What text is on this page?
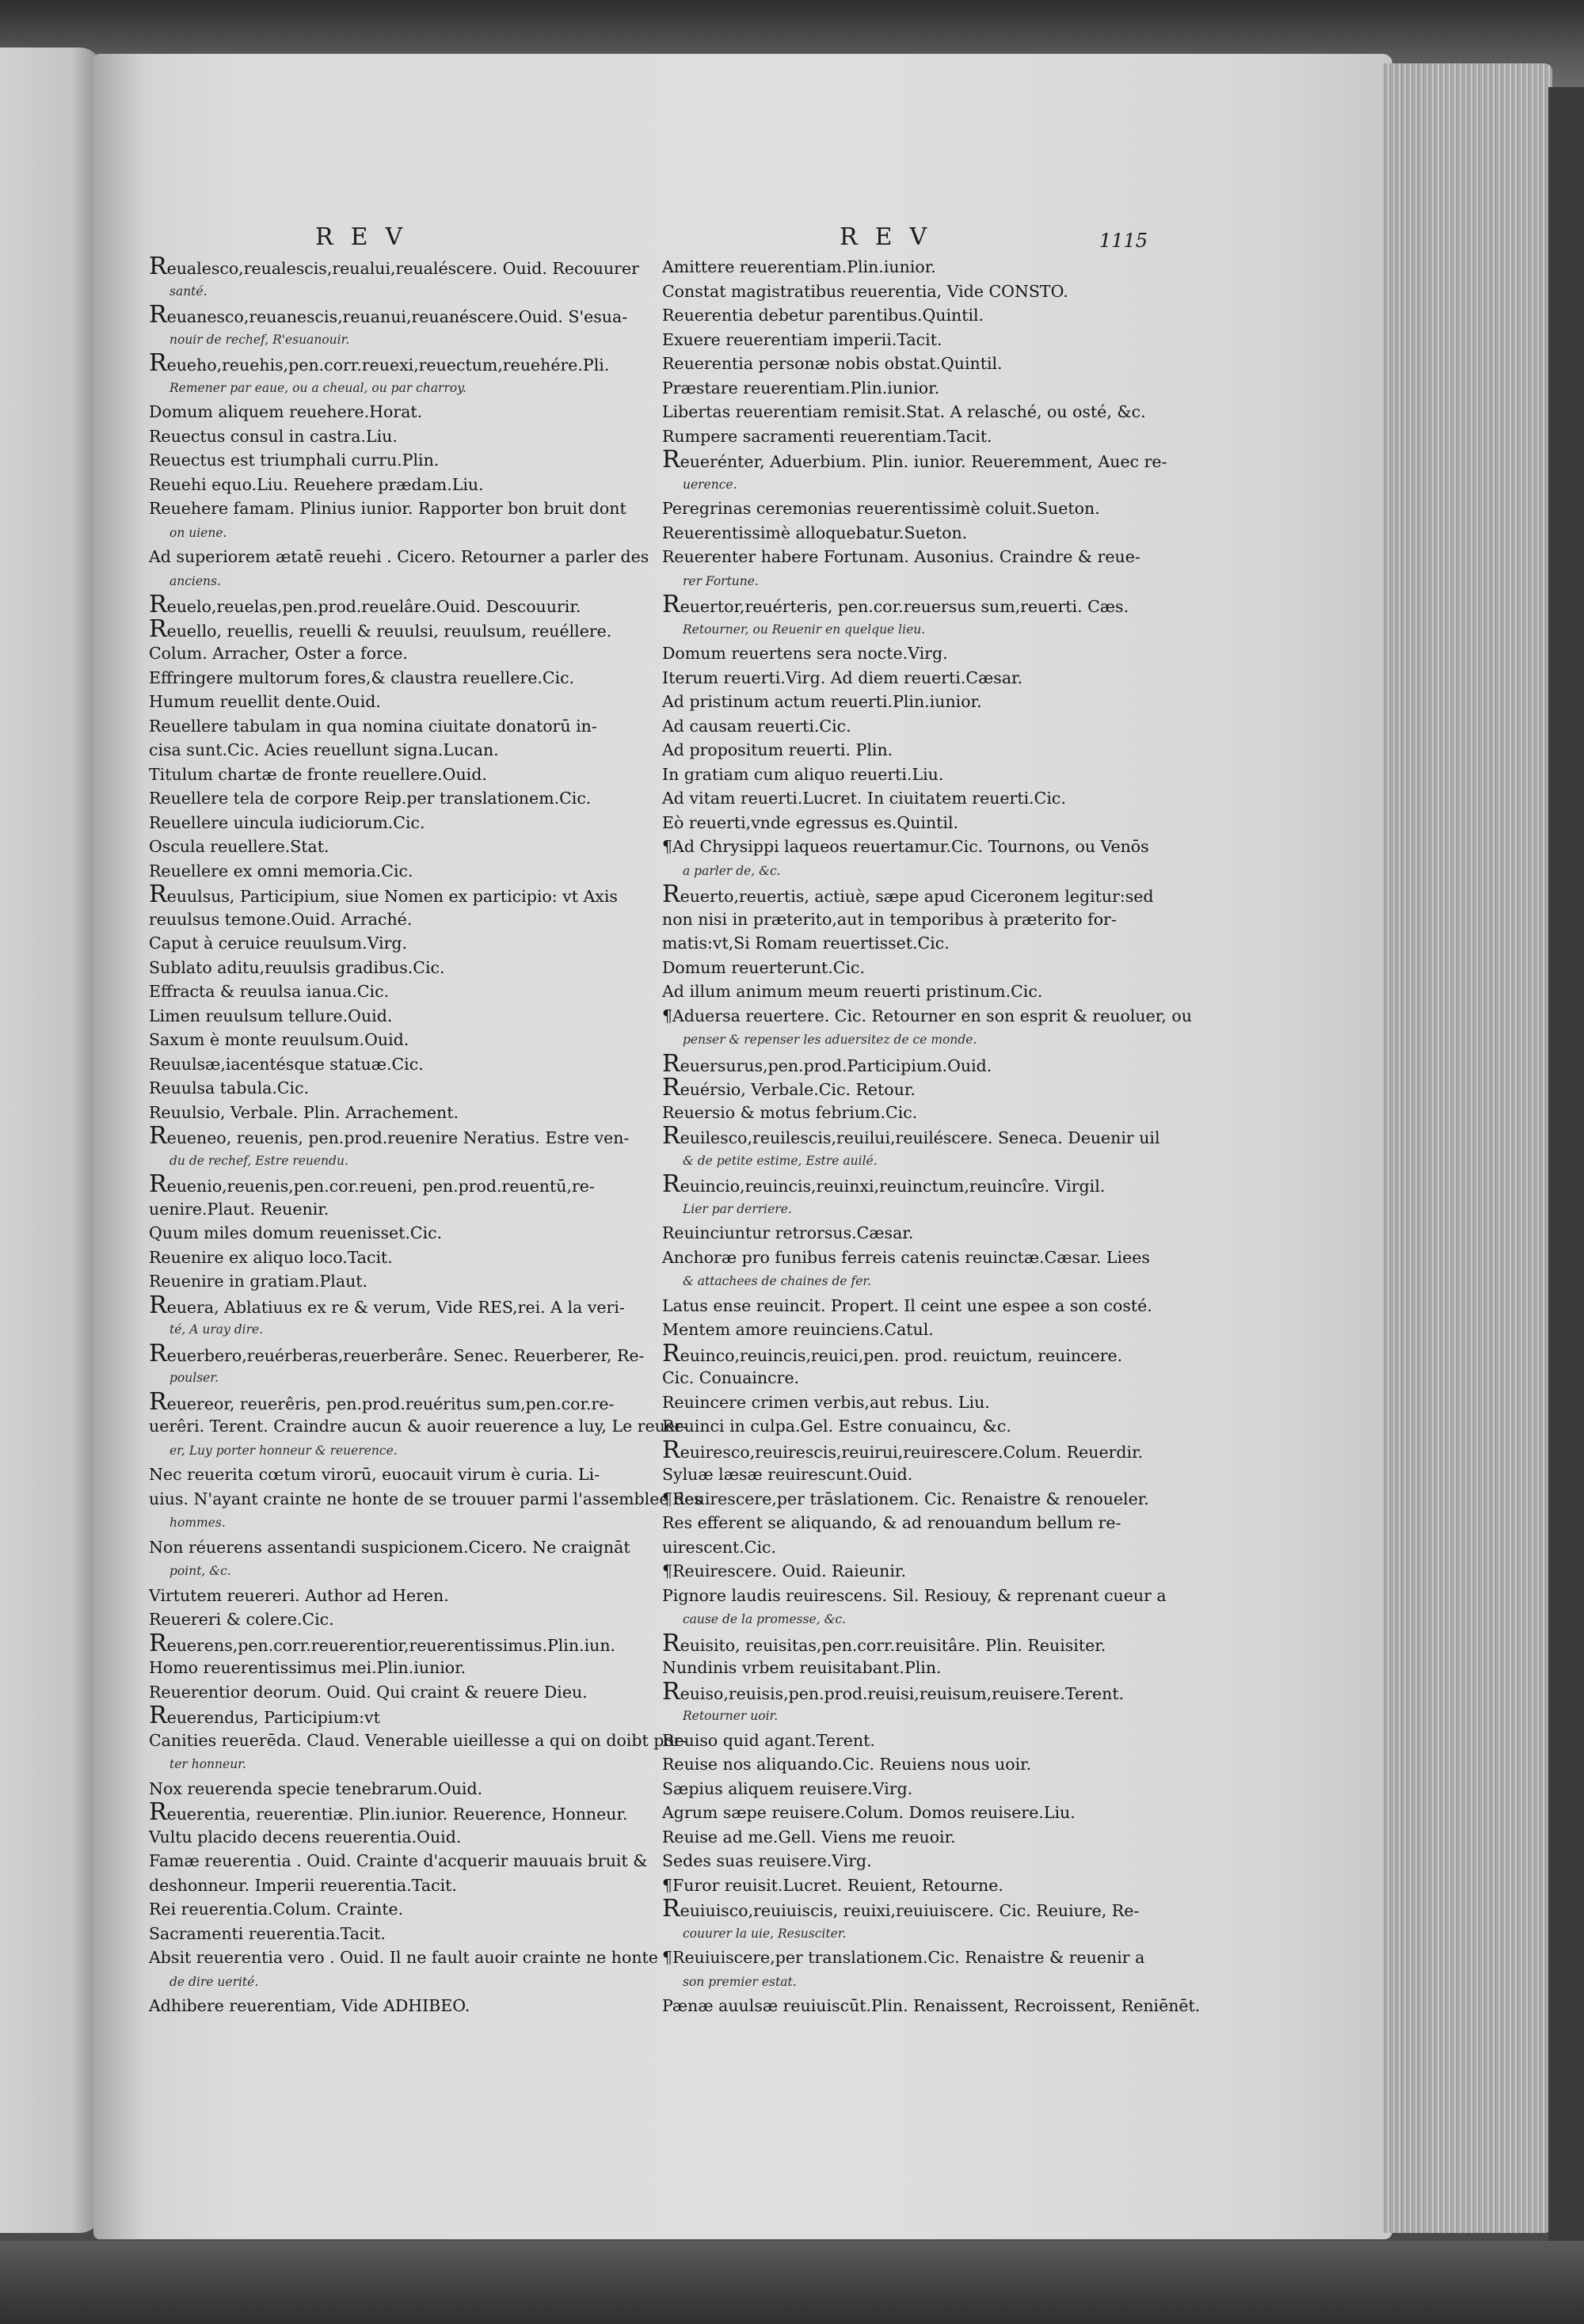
REV	REV	1115
Reualesco,reualescis,reualui,reualéscere. Ouid. Recouurer
santé.
Reuanesco,reuanescis,reuanui,reuanéscere.Ouid. S'esua-
nouir de rechef, R'esuanouir.
Reueho,reuehis,pen.corr.reuexi,reuectum,reuehére.Pli.
Remener par eaue, ou a cheual, ou par charroy.
Domum aliquem reuehere.Horat.
Reuectus consul in castra.Liu.
Reuectus est triumphali curru.Plin.
Reuehi equo.Liu. Reuehere prædam.Liu.
Reuehere famam. Plinius iunior. Rapporter bon bruit dont
on uiene.
Ad superiorem ætatē reuehi . Cicero. Retourner a parler des
anciens.
Reuelo,reuelas,pen.prod.reuelâre.Ouid. Descouurir.
Reuello, reuellis, reuelli & reuulsi, reuulsum, reuéllere.
Colum. Arracher, Oster a force.
Effringere multorum fores,& claustra reuellere.Cic.
Humum reuellit dente.Ouid.
Reuellere tabulam in qua nomina ciuitate donatorū in-
cisa sunt.Cic. Acies reuellunt signa.Lucan.
Titulum chartæ de fronte reuellere.Ouid.
Reuellere tela de corpore Reip.per translationem.Cic.
Reuellere uincula iudiciorum.Cic.
Oscula reuellere.Stat.
Reuellere ex omni memoria.Cic.
Reuulsus, Participium, siue Nomen ex participio: vt Axis
reuulsus temone.Ouid. Arraché.
Caput à ceruice reuulsum.Virg.
Sublato aditu,reuulsis gradibus.Cic.
Effracta & reuulsa ianua.Cic.
Limen reuulsum tellure.Ouid.
Saxum è monte reuulsum.Ouid.
Reuulsæ,iacentésque statuæ.Cic.
Reuulsa tabula.Cic.
Reuulsio, Verbale. Plin. Arrachement.
Reueneo, reuenis, pen.prod.reuenire Neratius. Estre ven-
du de rechef, Estre reuendu.
Reuenio,reuenis,pen.cor.reueni, pen.prod.reuentū,re-
uenire.Plaut. Reuenir.
Quum miles domum reuenisset.Cic.
Reuenire ex aliquo loco.Tacit.
Reuenire in gratiam.Plaut.
Reuera, Ablatiuus ex re & verum, Vide RES,rei. A la veri-
té, A uray dire.
Reuerbero,reuérberas,reuerberâre. Senec. Reuerberer, Re-
poulser.
Reuereor, reuerêris, pen.prod.reuéritus sum,pen.cor.re-
uerêri. Terent. Craindre aucun & auoir reuerence a luy, Le reuer-
er, Luy porter honneur & reuerence.
Nec reuerita cœtum virorū, euocauit virum è curia. Li-
uius. N'ayant crainte ne honte de se trouuer parmi l'assemblee des
hommes.
Non réuerens assentandi suspicionem.Cicero. Ne craignāt
point, &c.
Virtutem reuereri. Author ad Heren.
Reuereri & colere.Cic.
Reuerens,pen.corr.reuerentior,reuerentissimus.Plin.iun.
Homo reuerentissimus mei.Plin.iunior.
Reuerentior deorum. Ouid. Qui craint & reuere Dieu.
Reuerendus, Participium:vt
Canities reuerēda. Claud. Venerable uieillesse a qui on doibt por-
ter honneur.
Nox reuerenda specie tenebrarum.Ouid.
Reuerentia, reuerentiæ. Plin.iunior. Reuerence, Honneur.
Vultu placido decens reuerentia.Ouid.
Famæ reuerentia . Ouid. Crainte d'acquerir mauuais bruit &
deshonneur. Imperii reuerentia.Tacit.
Rei reuerentia.Colum. Crainte.
Sacramenti reuerentia.Tacit.
Absit reuerentia vero . Ouid. Il ne fault auoir crainte ne honte
de dire uerité.
Adhibere reuerentiam, Vide ADHIBEO.
Amittere reuerentiam.Plin.iunior.
Constat magistratibus reuerentia, Vide CONSTO.
Reuerentia debetur parentibus.Quintil.
Exuere reuerentiam imperii.Tacit.
Reuerentia personæ nobis obstat.Quintil.
Præstare reuerentiam.Plin.iunior.
Libertas reuerentiam remisit.Stat. A relasché, ou osté, &c.
Rumpere sacramenti reuerentiam.Tacit.
Reuerénter, Aduerbium. Plin. iunior. Reueremment, Auec re-
uerence.
Peregrinas ceremonias reuerentissimè coluit.Sueton.
Reuerentissimè alloquebatur.Sueton.
Reuerenter habere Fortunam. Ausonius. Craindre & reue-
rer Fortune.
Reuertor,reuérteris, pen.cor.reuersus sum,reuerti. Cæs.
Retourner, ou Reuenir en quelque lieu.
Domum reuertens sera nocte.Virg.
Iterum reuerti.Virg. Ad diem reuerti.Cæsar.
Ad pristinum actum reuerti.Plin.iunior.
Ad causam reuerti.Cic.
Ad propositum reuerti. Plin.
In gratiam cum aliquo reuerti.Liu.
Ad vitam reuerti.Lucret. In ciuitatem reuerti.Cic.
Eò reuerti,vnde egressus es.Quintil.
¶Ad Chrysippi laqueos reuertamur.Cic. Tournons, ou Venōs
a parler de, &c.
Reuerto,reuertis, actiuè, sæpe apud Ciceronem legitur:sed
non nisi in præterito,aut in temporibus à præterito for-
matis:vt,Si Romam reuertisset.Cic.
Domum reuerterunt.Cic.
Ad illum animum meum reuerti pristinum.Cic.
¶Aduersa reuertere. Cic. Retourner en son esprit & reuoluer, ou
penser & repenser les aduersitez de ce monde.
Reuersurus,pen.prod.Participium.Ouid.
Reuérsio, Verbale.Cic. Retour.
Reuersio & motus febrium.Cic.
Reuilesco,reuilescis,reuilui,reuiléscere. Seneca. Deuenir uil
& de petite estime, Estre auilé.
Reuincio,reuincis,reuinxi,reuinctum,reuincîre. Virgil.
Lier par derriere.
Reuinciuntur retrorsus.Cæsar.
Anchoræ pro funibus ferreis catenis reuinctæ.Cæsar. Liees
& attachees de chaines de fer.
Latus ense reuincit. Propert. Il ceint une espee a son costé.
Mentem amore reuinciens.Catul.
Reuinco,reuincis,reuici,pen. prod. reuictum, reuincere.
Cic. Conuaincre.
Reuincere crimen verbis,aut rebus. Liu.
Reuinci in culpa.Gel. Estre conuaincu, &c.
Reuiresco,reuirescis,reuirui,reuirescere.Colum. Reuerdir.
Syluæ læsæ reuirescunt.Ouid.
¶Reuirescere,per trāslationem. Cic. Renaistre & renoueler.
Res efferent se aliquando, & ad renouandum bellum re-
uirescent.Cic.
¶Reuirescere. Ouid. Raieunir.
Pignore laudis reuirescens. Sil. Resiouy, & reprenant cueur a
cause de la promesse, &c.
Reuisito, reuisitas,pen.corr.reuisitâre. Plin. Reuisiter.
Nundinis vrbem reuisitabant.Plin.
Reuiso,reuisis,pen.prod.reuisi,reuisum,reuisere.Terent.
Retourner uoir.
Reuiso quid agant.Terent.
Reuise nos aliquando.Cic. Reuiens nous uoir.
Sæpius aliquem reuisere.Virg.
Agrum sæpe reuisere.Colum. Domos reuisere.Liu.
Reuise ad me.Gell. Viens me reuoir.
Sedes suas reuisere.Virg.
¶Furor reuisit.Lucret. Reuient, Retourne.
Reuiuisco,reuiuiscis, reuixi,reuiuiscere. Cic. Reuiure, Re-
couurer la uie, Resusciter.
¶Reuiuiscere,per translationem.Cic. Renaistre & reuenir a
son premier estat.
Pænæ auulsæ reuiuiscūt.Plin. Renaissent, Recroissent, Reniēnēt.
